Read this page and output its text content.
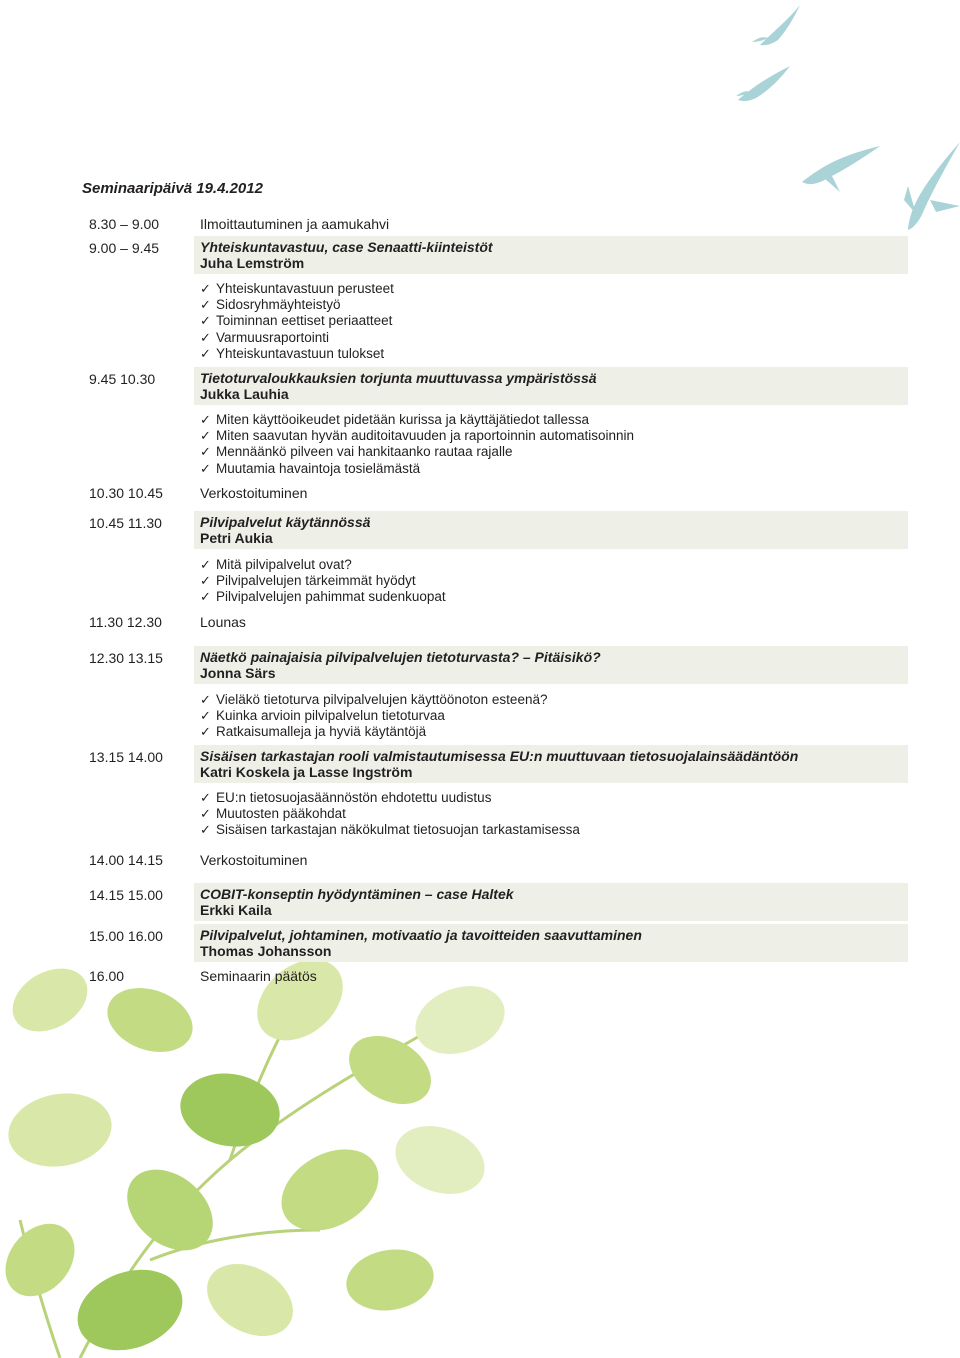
Seminaaripäivä 19.4.2012
8.30 – 9.00	Ilmoittautuminen ja aamukahvi
9.00 – 9.45	Yhteiskuntavastuu, case Senaatti-kiinteistöt
Juha Lemström
✓ Yhteiskuntavastuun perusteet
✓ Sidosryhmäyhteistyö
✓ Toiminnan eettiset periaatteet
✓ Varmuusraportointi
✓ Yhteiskuntavastuun tulokset
9.45 10.30	Tietoturvaloukkauksien torjunta muuttuvassa ympäristössä
Jukka Lauhia
✓ Miten käyttöoikeudet pidetään kurissa ja käyttäjätiedot tallessa
✓ Miten saavutan hyvän auditoitavuuden ja raportoinnin automatisoinnin
✓ Mennäänkö pilveen vai hankitaanko rautaa rajalle
✓ Muutamia havaintoja tosielämästä
10.30 10.45	Verkostoituminen
10.45 11.30	Pilvipalvelut käytännössä
Petri Aukia
✓ Mitä pilvipalvelut ovat?
✓ Pilvipalvelujen tärkeimmät hyödyt
✓ Pilvipalvelujen pahimmat sudenkuopat
11.30 12.30	Lounas
12.30 13.15	Näetkö painajaisia pilvipalvelujen tietoturvasta? – Pitäisikö?
Jonna Särs
✓ Vieläkö tietoturva pilvipalvelujen käyttöönoton esteenä?
✓ Kuinka arvioin pilvipalvelun tietoturvaa
✓ Ratkaisumalleja ja hyviä käytäntöjä
13.15 14.00	Sisäisen tarkastajan rooli valmistautumisessa EU:n muuttuvaan tietosuojalainsäädäntöön
Katri Koskela ja Lasse Ingström
✓ EU:n tietosuojasäännöstön ehdotettu uudistus
✓ Muutosten pääkohdat
✓ Sisäisen tarkastajan näkökulmat tietosuojan tarkastamisessa
14.00 14.15	Verkostoituminen
14.15 15.00	COBIT-konseptin hyödyntäminen – case Haltek
Erkki Kaila
15.00 16.00	Pilvipalvelut, johtaminen, motivaatio ja tavoitteiden saavuttaminen
Thomas Johansson
16.00	Seminaarin päätös
